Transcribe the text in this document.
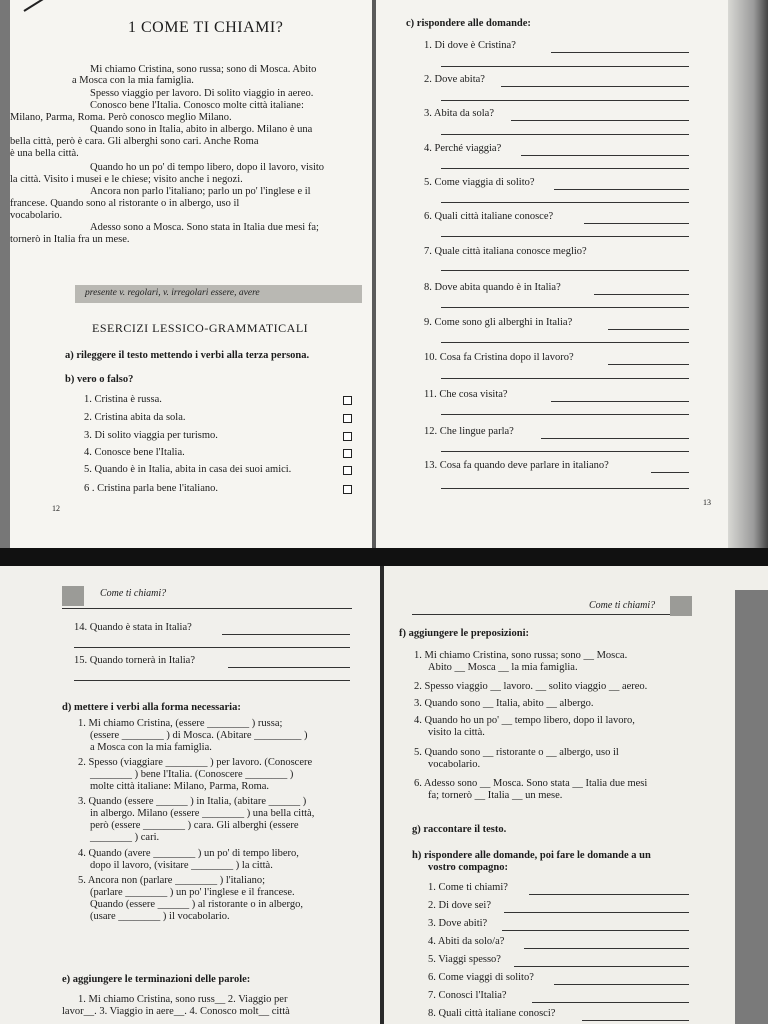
1 COME TI CHIAMI?
Mi chiamo Cristina, sono russa; sono di Mosca. Abito
a Mosca con la mia famiglia.
Spesso viaggio per lavoro. Di solito viaggio in aereo.
Conosco bene l'Italia. Conosco molte città italiane:
Milano, Parma, Roma. Però conosco meglio Milano.
Quando sono in Italia, abito in albergo. Milano è una
bella città, però è cara. Gli alberghi sono cari. Anche Roma
è una bella città.
Quando ho un po' di tempo libero, dopo il lavoro, visito
la città. Visito i musei e le chiese; visito anche i negozi.
Ancora non parlo l'italiano; parlo un po' l'inglese e il
francese. Quando sono al ristorante o in albergo, uso il
vocabolario.
Adesso sono a Mosca. Sono stata in Italia due mesi fa;
tornerò in Italia fra un mese.
presente v. regolari, v. irregolari essere, avere
ESERCIZI LESSICO-GRAMMATICALI
a) rileggere il testo mettendo i verbi alla terza persona.
b) vero o falso?
1. Cristina è russa.
2. Cristina abita da sola.
3. Di solito viaggia per turismo.
4. Conosce bene l'Italia.
5. Quando è in Italia, abita in casa dei suoi amici.
6 . Cristina parla bene l'italiano.
12
c) rispondere alle domande:
1. Di dove è Cristina?
2. Dove abita?
3. Abita da sola?
4. Perché viaggia?
5. Come viaggia di solito?
6. Quali città italiane conosce?
7. Quale città italiana conosce meglio?
8. Dove abita quando è in Italia?
9. Come sono gli alberghi in Italia?
10. Cosa fa Cristina dopo il lavoro?
11. Che cosa visita?
12. Che lingue parla?
13. Cosa fa quando deve parlare in italiano?
13
Come ti chiami?
14. Quando è stata in Italia?
15. Quando tornerà in Italia?
d) mettere i verbi alla forma necessaria:
1. Mi chiamo Cristina, (essere ________ ) russa;
(essere ________ ) di Mosca. (Abitare _________ )
a Mosca con la mia famiglia.
2. Spesso (viaggiare ________ ) per lavoro. (Conoscere
________ ) bene l'Italia. (Conoscere ________ )
molte città italiane: Milano, Parma, Roma.
3. Quando (essere ______ ) in Italia, (abitare ______ )
in albergo. Milano (essere ________ ) una bella città,
però (essere ________ ) cara. Gli alberghi (essere
________ ) cari.
4. Quando (avere ________ ) un po' di tempo libero,
dopo il lavoro, (visitare ________ ) la città.
5. Ancora non (parlare ________ ) l'italiano;
(parlare ________ ) un po' l'inglese e il francese.
Quando (essere ______ ) al ristorante o in albergo,
(usare ________ ) il vocabolario.
e) aggiungere le terminazioni delle parole:
1. Mi chiamo Cristina, sono russ__ 2. Viaggio per
lavor__. 3. Viaggio in aere__. 4. Conosco molt__ città
Come ti chiami?
f) aggiungere le preposizioni:
1. Mi chiamo Cristina, sono russa; sono __ Mosca.
Abito __ Mosca __ la mia famiglia.
2. Spesso viaggio __ lavoro. __ solito viaggio __ aereo.
3. Quando sono __ Italia, abito __ albergo.
4. Quando ho un po' __ tempo libero, dopo il lavoro,
visito la città.
5. Quando sono __ ristorante o __ albergo, uso il
vocabolario.
6. Adesso sono __ Mosca. Sono stata __ Italia due mesi
fa; tornerò __ Italia __ un mese.
g) raccontare il testo.
h) rispondere alle domande, poi fare le domande a un
vostro compagno:
1. Come ti chiami?
2. Di dove sei?
3. Dove abiti?
4. Abiti da solo/a?
5. Viaggi spesso?
6. Come viaggi di solito?
7. Conosci l'Italia?
8. Quali città italiane conosci?
